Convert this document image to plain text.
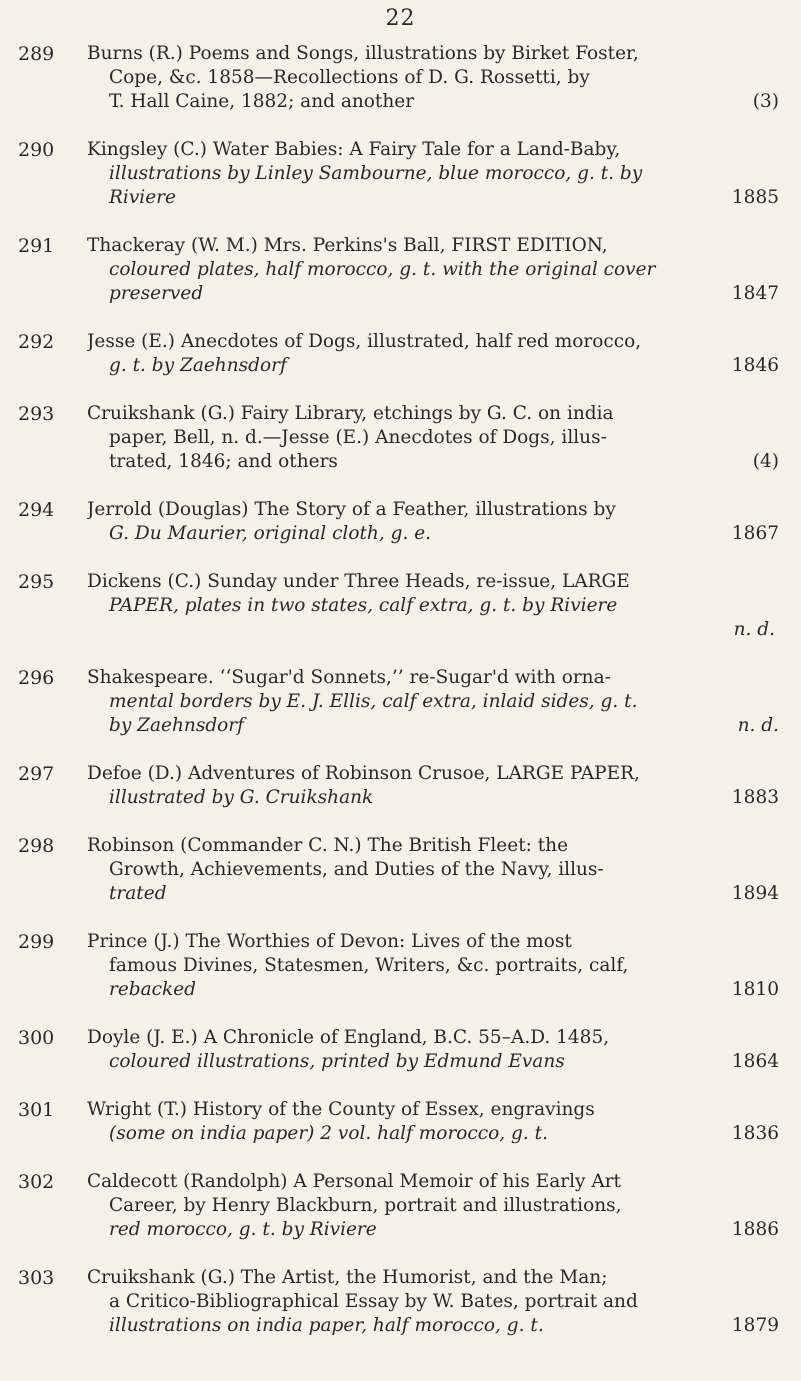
22
289	Burns (R.) Poems and Songs, illustrations by Birket Foster,
Cope, &c. 1858—Recollections of D. G. Rossetti, by
T. Hall Caine, 1882; and another	(3)
290	Kingsley (C.) Water Babies: A Fairy Tale for a Land-Baby,
illustrations by Linley Sambourne, blue morocco, g. t. by
Riviere	1885
291	Thackeray (W. M.) Mrs. Perkins's Ball, FIRST EDITION,
coloured plates, half morocco, g. t. with the original cover
preserved	1847
292	Jesse (E.) Anecdotes of Dogs, illustrated, half red morocco,
g. t. by Zaehnsdorf	1846
293	Cruikshank (G.) Fairy Library, etchings by G. C. on india
paper, Bell, n. d.—Jesse (E.) Anecdotes of Dogs, illus-
trated, 1846; and others	(4)
294	Jerrold (Douglas) The Story of a Feather, illustrations by
G. Du Maurier, original cloth, g. e.	1867
295	Dickens (C.) Sunday under Three Heads, re-issue, LARGE
PAPER, plates in two states, calf extra, g. t. by Riviere
n. d.
296	Shakespeare. ‘‘Sugar'd Sonnets,’’ re-Sugar'd with orna-
mental borders by E. J. Ellis, calf extra, inlaid sides, g. t.
by Zaehnsdorf	n. d.
297	Defoe (D.) Adventures of Robinson Crusoe, LARGE PAPER,
illustrated by G. Cruikshank	1883
298	Robinson (Commander C. N.) The British Fleet: the
Growth, Achievements, and Duties of the Navy, illus-
trated	1894
299	Prince (J.) The Worthies of Devon: Lives of the most
famous Divines, Statesmen, Writers, &c. portraits, calf,
rebacked	1810
300	Doyle (J. E.) A Chronicle of England, B.C. 55–A.D. 1485,
coloured illustrations, printed by Edmund Evans	1864
301	Wright (T.) History of the County of Essex, engravings
(some on india paper) 2 vol. half morocco, g. t.	1836
302	Caldecott (Randolph) A Personal Memoir of his Early Art
Career, by Henry Blackburn, portrait and illustrations,
red morocco, g. t. by Riviere	1886
303	Cruikshank (G.) The Artist, the Humorist, and the Man;
a Critico-Bibliographical Essay by W. Bates, portrait and
illustrations on india paper, half morocco, g. t.	1879
